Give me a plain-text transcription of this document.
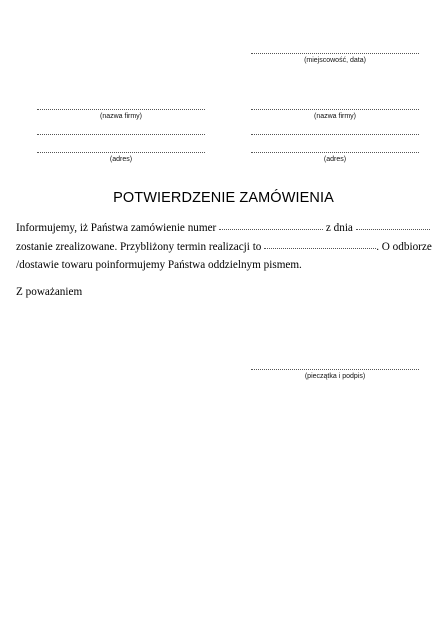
(miejscowość, data)
(nazwa firmy)
(adres)
(nazwa firmy)
(adres)
POTWIERDZENIE ZAMÓWIENIA
Informujemy, iż Państwa zamówienie numer	z dnia
zostanie zrealizowane. Przybliżony termin realizacji to	. O odbiorze
/dostawie towaru poinformujemy Państwa oddzielnym pismem.
Z poważaniem
(pieczątka i podpis)
